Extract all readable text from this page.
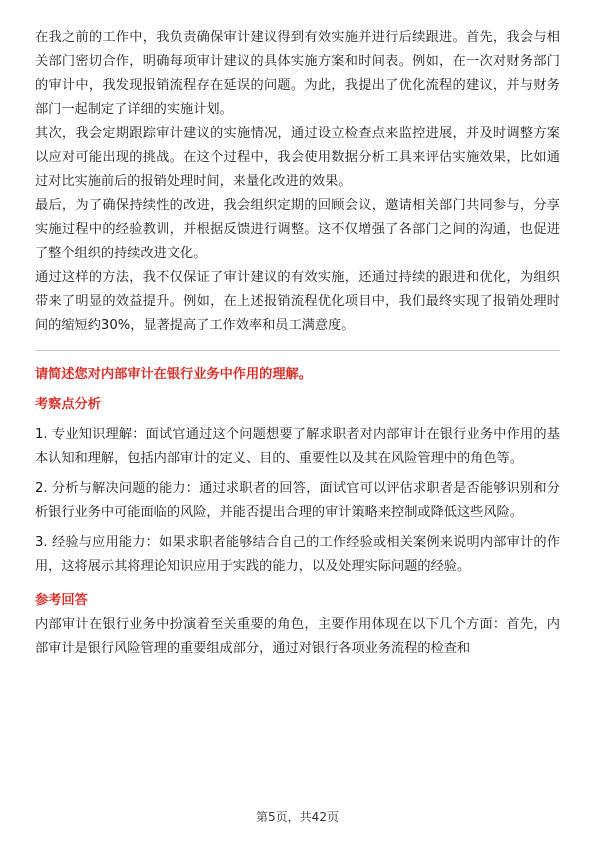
在我之前的工作中，我负责确保审计建议得到有效实施并进行后续跟进。首先，我会与相关部门密切合作，明确每项审计建议的具体实施方案和时间表。例如，在一次对财务部门的审计中，我发现报销流程存在延误的问题。为此，我提出了优化流程的建议，并与财务部门一起制定了详细的实施计划。

其次，我会定期跟踪审计建议的实施情况，通过设立检查点来监控进展，并及时调整方案以应对可能出现的挑战。在这个过程中，我会使用数据分析工具来评估实施效果，比如通过对比实施前后的报销处理时间，来量化改进的效果。

最后，为了确保持续性的改进，我会组织定期的回顾会议，邀请相关部门共同参与，分享实施过程中的经验教训，并根据反馈进行调整。这不仅增强了各部门之间的沟通，也促进了整个组织的持续改进文化。

通过这样的方法，我不仅保证了审计建议的有效实施，还通过持续的跟进和优化，为组织带来了明显的效益提升。例如，在上述报销流程优化项目中，我们最终实现了报销处理时间的缩短约30%，显著提高了工作效率和员工满意度。

请简述您对内部审计在银行业务中作用的理解。

考察点分析

1. 专业知识理解：面试官通过这个问题想要了解求职者对内部审计在银行业务中作用的基本认知和理解，包括内部审计的定义、目的、重要性以及其在风险管理中的角色等。

2. 分析与解决问题的能力：通过求职者的回答，面试官可以评估求职者是否能够识别和分析银行业务中可能面临的风险，并能否提出合理的审计策略来控制或降低这些风险。

3. 经验与应用能力：如果求职者能够结合自己的工作经验或相关案例来说明内部审计的作用，这将展示其将理论知识应用于实践的能力，以及处理实际问题的经验。

参考回答

内部审计在银行业务中扮演着至关重要的角色，主要作用体现在以下几个方面：首先，内部审计是银行风险管理的重要组成部分，通过对银行各项业务流程的检查和

第5页，共42页
